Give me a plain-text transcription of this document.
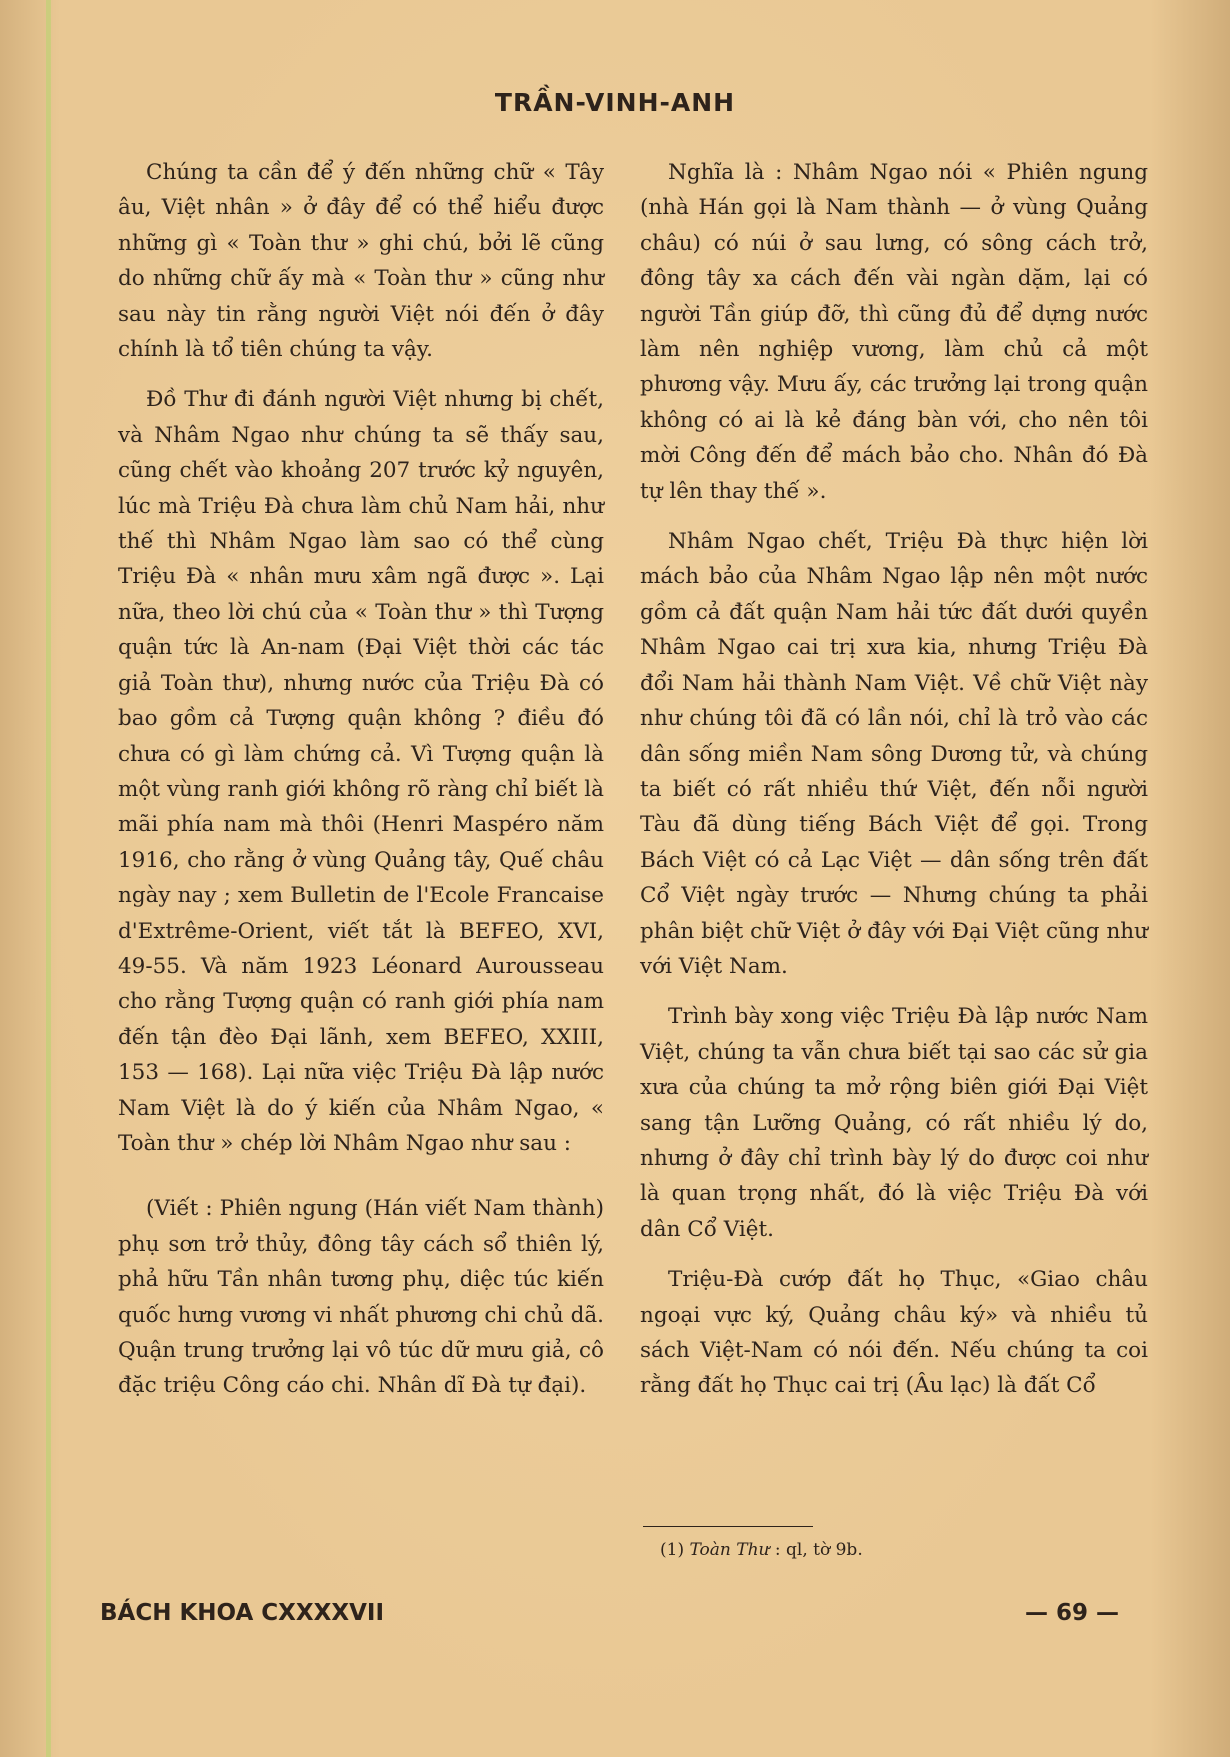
TRẦN-VINH-ANH

Chúng ta cần để ý đến những chữ « Tây âu, Việt nhân » ở đây để có thể hiểu được những gì « Toàn thư » ghi chú, bởi lẽ cũng do những chữ ấy mà « Toàn thư » cũng như sau này tin rằng người Việt nói đến ở đây chính là tổ tiên chúng ta vậy.

Đồ Thư đi đánh người Việt nhưng bị chết, và Nhâm Ngao như chúng ta sẽ thấy sau, cũng chết vào khoảng 207 trước kỷ nguyên, lúc mà Triệu Đà chưa làm chủ Nam hải, như thế thì Nhâm Ngao làm sao có thể cùng Triệu Đà « nhân mưu xâm ngã được ». Lại nữa, theo lời chú của « Toàn thư » thì Tượng quận tức là An-nam (Đại Việt thời các tác giả Toàn thư), nhưng nước của Triệu Đà có bao gồm cả Tượng quận không ? điều đó chưa có gì làm chứng cả. Vì Tượng quận là một vùng ranh giới không rõ ràng chỉ biết là mãi phía nam mà thôi (Henri Maspéro năm 1916, cho rằng ở vùng Quảng tây, Quế châu ngày nay ; xem Bulletin de l'Ecole Francaise d'Extrême-Orient, viết tắt là BEFEO, XVI, 49-55. Và năm 1923 Léonard Aurousseau cho rằng Tượng quận có ranh giới phía nam đến tận đèo Đại lãnh, xem BEFEO, XXIII, 153 — 168). Lại nữa việc Triệu Đà lập nước Nam Việt là do ý kiến của Nhâm Ngao, « Toàn thư » chép lời Nhâm Ngao như sau :

(Viết : Phiên ngung (Hán viết Nam thành) phụ sơn trở thủy, đông tây cách sổ thiên lý, phả hữu Tần nhân tương phụ, diệc túc kiến quốc hưng vương vi nhất phương chi chủ dã. Quận trung trưởng lại vô túc dữ mưu giả, cô đặc triệu Công cáo chi. Nhân dĩ Đà tự đại).

Nghĩa là : Nhâm Ngao nói « Phiên ngung (nhà Hán gọi là Nam thành — ở vùng Quảng châu) có núi ở sau lưng, có sông cách trở, đông tây xa cách đến vài ngàn dặm, lại có người Tần giúp đỡ, thì cũng đủ để dựng nước làm nên nghiệp vương, làm chủ cả một phương vậy. Mưu ấy, các trưởng lại trong quận không có ai là kẻ đáng bàn với, cho nên tôi mời Công đến để mách bảo cho. Nhân đó Đà tự lên thay thế ».

Nhâm Ngao chết, Triệu Đà thực hiện lời mách bảo của Nhâm Ngao lập nên một nước gồm cả đất quận Nam hải tức đất dưới quyền Nhâm Ngao cai trị xưa kia, nhưng Triệu Đà đổi Nam hải thành Nam Việt. Về chữ Việt này như chúng tôi đã có lần nói, chỉ là trỏ vào các dân sống miền Nam sông Dương tử, và chúng ta biết có rất nhiều thứ Việt, đến nỗi người Tàu đã dùng tiếng Bách Việt để gọi. Trong Bách Việt có cả Lạc Việt — dân sống trên đất Cổ Việt ngày trước — Nhưng chúng ta phải phân biệt chữ Việt ở đây với Đại Việt cũng như với Việt Nam.

Trình bày xong việc Triệu Đà lập nước Nam Việt, chúng ta vẫn chưa biết tại sao các sử gia xưa của chúng ta mở rộng biên giới Đại Việt sang tận Lưỡng Quảng, có rất nhiều lý do, nhưng ở đây chỉ trình bày lý do được coi như là quan trọng nhất, đó là việc Triệu Đà với dân Cổ Việt.

Triệu-Đà cướp đất họ Thục, «Giao châu ngoại vực ký, Quảng châu ký» và nhiều tủ sách Việt-Nam có nói đến. Nếu chúng ta coi rằng đất họ Thục cai trị (Âu lạc) là đất Cổ

(1) Toàn Thư : ql, tờ 9b.
BÁCH KHOA CXXXXVII	— 69 —
